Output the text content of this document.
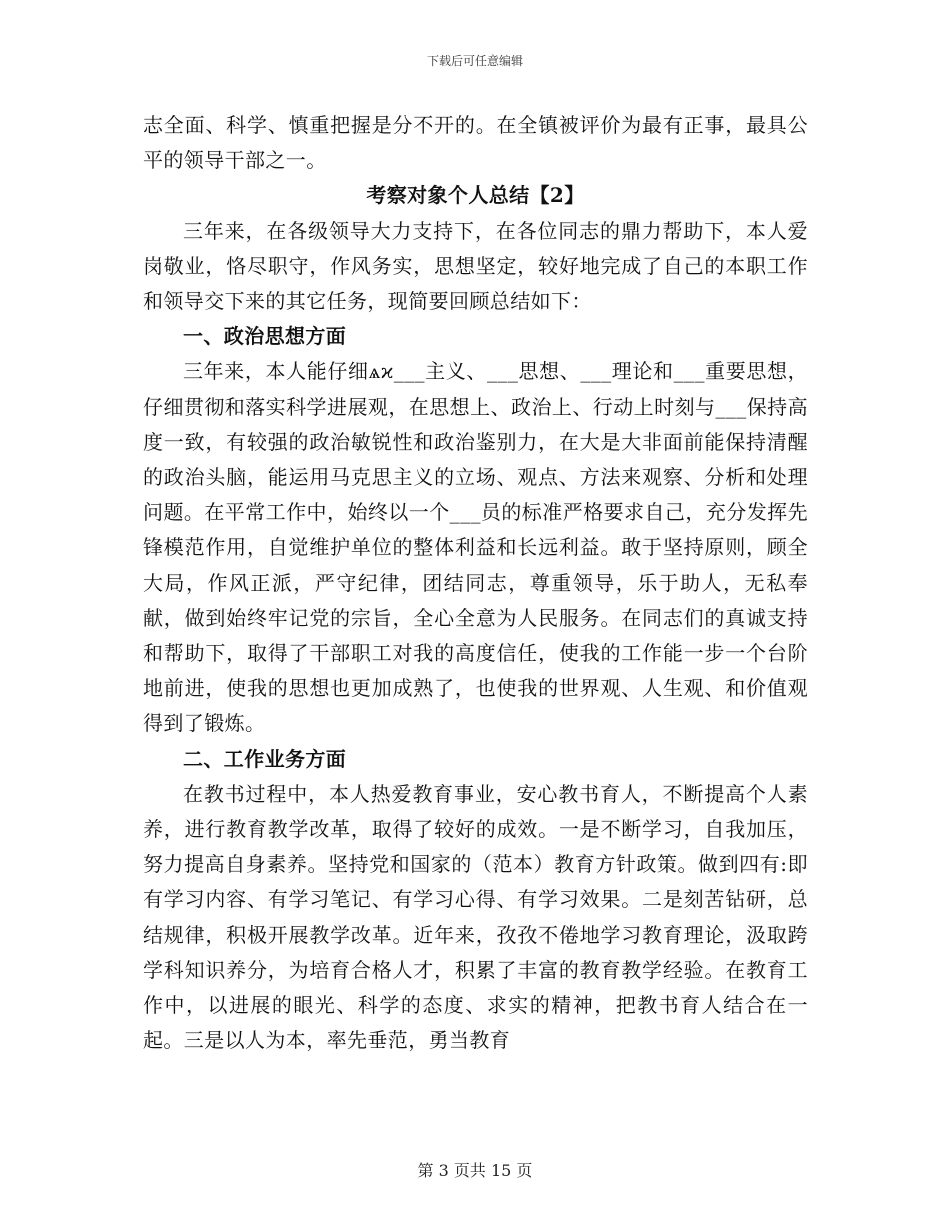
下载后可任意编辑

志全面、科学、慎重把握是分不开的。在全镇被评价为最有正事，最具公平的领导干部之一。

考察对象个人总结【2】

三年来，在各级领导大力支持下，在各位同志的鼎力帮助下，本人爱岗敬业，恪尽职守，作风务实，思想坚定，较好地完成了自己的本职工作和领导交下来的其它任务，现简要回顾总结如下：

一、政治思想方面

三年来，本人能仔细ѧϰ___主义、___思想、___理论和___重要思想，仔细贯彻和落实科学进展观，在思想上、政治上、行动上时刻与___保持高度一致，有较强的政治敏锐性和政治鉴别力，在大是大非面前能保持清醒的政治头脑，能运用马克思主义的立场、观点、方法来观察、分析和处理问题。在平常工作中，始终以一个___员的标准严格要求自己，充分发挥先锋模范作用，自觉维护单位的整体利益和长远利益。敢于坚持原则，顾全大局，作风正派，严守纪律，团结同志，尊重领导，乐于助人，无私奉献，做到始终牢记党的宗旨，全心全意为人民服务。在同志们的真诚支持和帮助下，取得了干部职工对我的高度信任，使我的工作能一步一个台阶地前进，使我的思想也更加成熟了，也使我的世界观、人生观、和价值观得到了锻炼。

二、工作业务方面

在教书过程中，本人热爱教育事业，安心教书育人，不断提高个人素养，进行教育教学改革，取得了较好的成效。一是不断学习，自我加压，努力提高自身素养。坚持党和国家的（范本）教育方针政策。做到四有:即有学习内容、有学习笔记、有学习心得、有学习效果。二是刻苦钻研，总结规律，积极开展教学改革。近年来，孜孜不倦地学习教育理论，汲取跨学科知识养分，为培育合格人才，积累了丰富的教育教学经验。在教育工作中，以进展的眼光、科学的态度、求实的精神，把教书育人结合在一起。三是以人为本，率先垂范，勇当教育

第 3 页共 15 页
